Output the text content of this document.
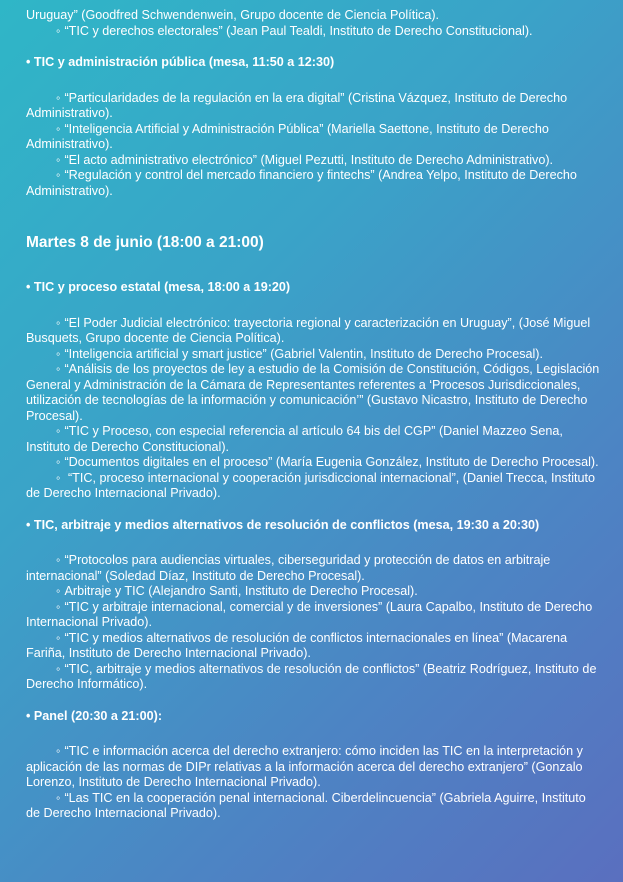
Uruguay” (Goodfred Schwendenwein, Grupo docente de Ciencia Política).

◦ “TIC y derechos electorales” (Jean Paul Tealdi, Instituto de Derecho Constitucional).

• TIC y administración pública (mesa, 11:50 a 12:30)

◦ “Particularidades de la regulación en la era digital” (Cristina Vázquez, Instituto de Derecho Administrativo).

◦ “Inteligencia Artificial y Administración Pública” (Mariella Saettone, Instituto de Derecho Administrativo).

◦ “El acto administrativo electrónico” (Miguel Pezutti, Instituto de Derecho Administrativo).

◦ “Regulación y control del mercado financiero y fintechs” (Andrea Yelpo, Instituto de Derecho Administrativo).

Martes 8 de junio (18:00 a 21:00)

• TIC y proceso estatal (mesa, 18:00 a 19:20)

◦ “El Poder Judicial electrónico: trayectoria regional y caracterización en Uruguay”, (José Miguel Busquets, Grupo docente de Ciencia Política).

◦ “Inteligencia artificial y smart justice” (Gabriel Valentin, Instituto de Derecho Procesal).

◦ “Análisis de los proyectos de ley a estudio de la Comisión de Constitución, Códigos, Legislación General y Administración de la Cámara de Representantes referentes a ‘Procesos Jurisdiccionales, utilización de tecnologías de la información y comunicación’” (Gustavo Nicastro, Instituto de Derecho Procesal).

◦ “TIC y Proceso, con especial referencia al artículo 64 bis del CGP” (Daniel Mazzeo Sena, Instituto de Derecho Constitucional).

◦ “Documentos digitales en el proceso” (María Eugenia González, Instituto de Derecho Procesal).

◦ “TIC, proceso internacional y cooperación jurisdiccional internacional”, (Daniel Trecca, Instituto de Derecho Internacional Privado).

• TIC, arbitraje y medios alternativos de resolución de conflictos (mesa, 19:30 a 20:30)

◦ “Protocolos para audiencias virtuales, ciberseguridad y protección de datos en arbitraje internacional” (Soledad Díaz, Instituto de Derecho Procesal).

◦ Arbitraje y TIC (Alejandro Santi, Instituto de Derecho Procesal).

◦ “TIC y arbitraje internacional, comercial y de inversiones” (Laura Capalbo, Instituto de Derecho Internacional Privado).

◦ “TIC y medios alternativos de resolución de conflictos internacionales en línea” (Macarena Fariña, Instituto de Derecho Internacional Privado).

◦ “TIC, arbitraje y medios alternativos de resolución de conflictos” (Beatriz Rodríguez, Instituto de Derecho Informático).

• Panel (20:30 a 21:00):

◦ “TIC e información acerca del derecho extranjero: cómo inciden las TIC en la interpretación y aplicación de las normas de DIPr relativas a la información acerca del derecho extranjero” (Gonzalo Lorenzo, Instituto de Derecho Internacional Privado).

◦ “Las TIC en la cooperación penal internacional. Ciberdelincuencia” (Gabriela Aguirre, Instituto de Derecho Internacional Privado).
